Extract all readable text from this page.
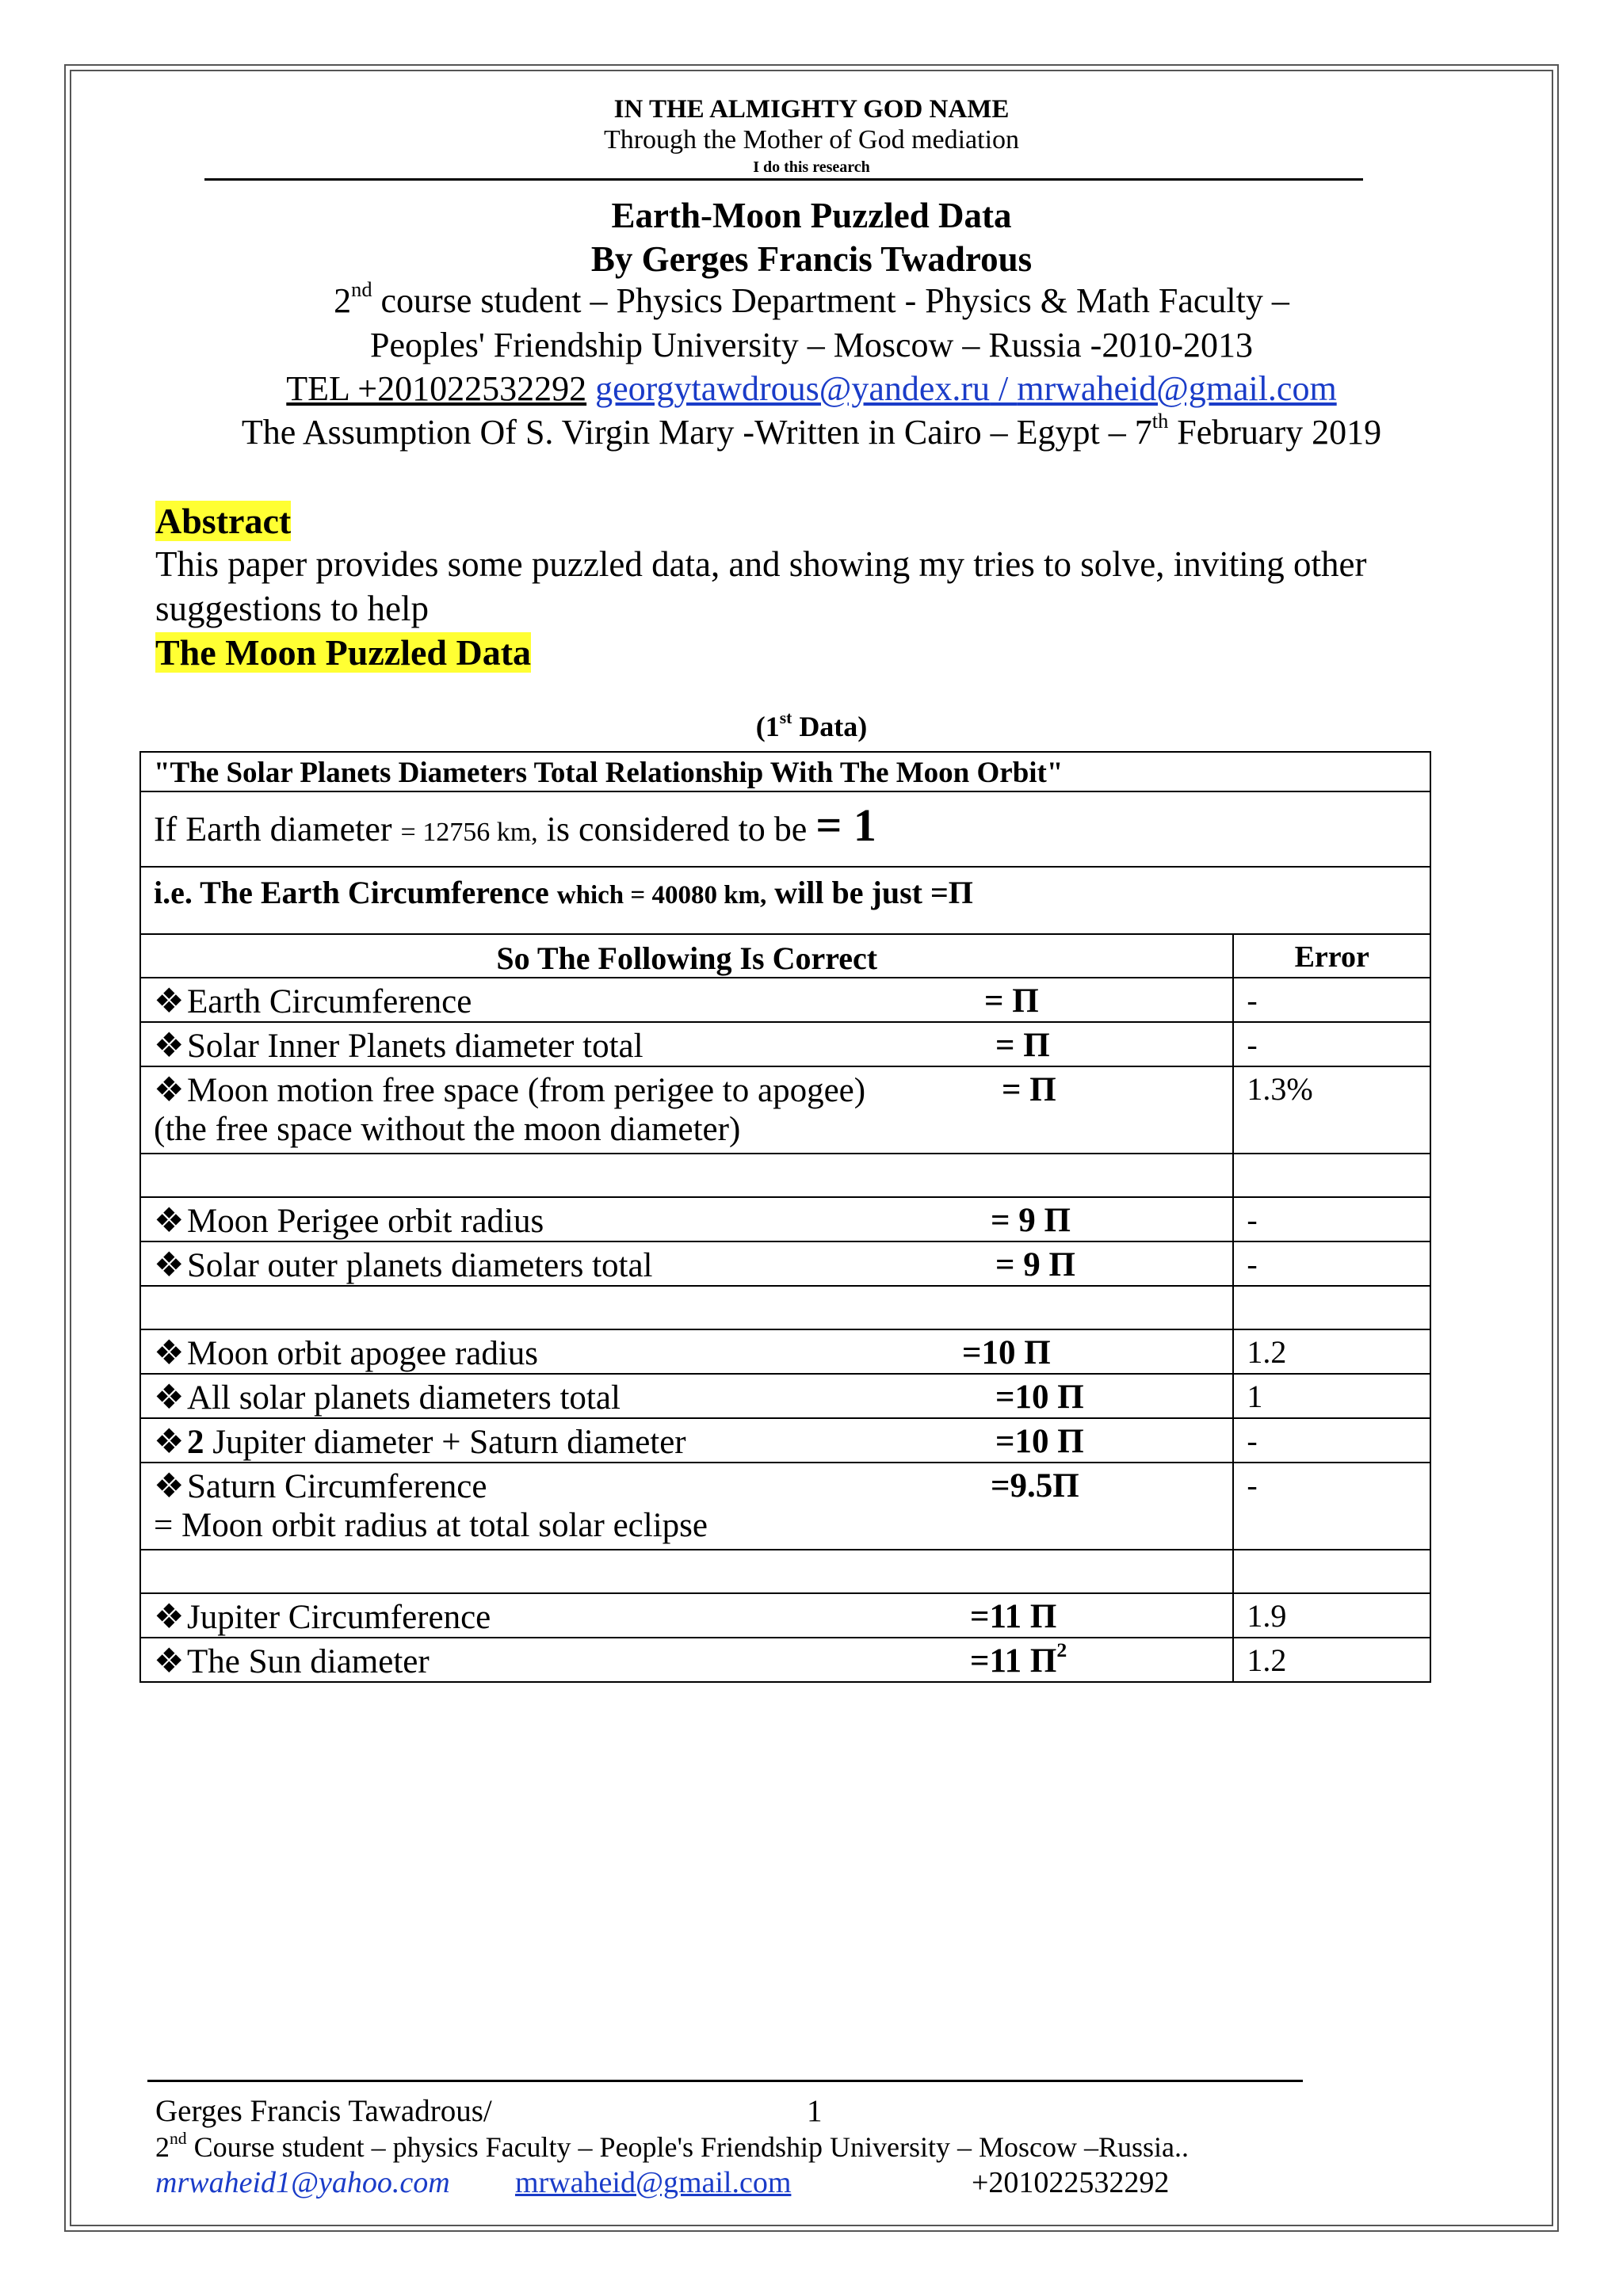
IN THE ALMIGHTY GOD NAME
Through the Mother of God mediation
I do this research
Earth-Moon Puzzled Data
By Gerges Francis Twadrous
2nd course student – Physics Department - Physics & Math Faculty –
Peoples' Friendship University – Moscow – Russia -2010-2013
TEL +201022532292 georgytawdrous@yandex.ru / mrwaheid@gmail.com
The Assumption Of S. Virgin Mary -Written in Cairo – Egypt – 7th February 2019
Abstract
This paper provides some puzzled data, and showing my tries to solve, inviting other
suggestions to help
The Moon Puzzled Data
(1st Data)
"The Solar Planets Diameters Total Relationship With The Moon Orbit"	
If Earth diameter = 12756 km, is considered to be = 1	
i.e. The Earth Circumference which = 40080 km, will be just =Π	
So The Following Is Correct	Error

❖Earth Circumference = Π	-

❖Solar Inner Planets diameter total = Π	-

❖Moon motion free space (from perigee to apogee) = Π
(the free space without the moon diameter)	1.3%

❖Moon Perigee orbit radius = 9 Π	-

❖Solar outer planets diameters total = 9 Π	-

❖Moon orbit apogee radius =10 Π	1.2

❖All solar planets diameters total =10 Π	1

❖2 Jupiter diameter + Saturn diameter =10 Π	-

❖Saturn Circumference =9.5Π
= Moon orbit radius at total solar eclipse	-

❖Jupiter Circumference =11 Π	1.9

❖The Sun diameter =11 $\Pi^2$	1.2
Gerges Francis Tawadrous/	1
2nd Course student – physics Faculty – People's Friendship University – Moscow –Russia..
mrwaheid1@yahoo.com mrwaheid@gmail.com	+201022532292
